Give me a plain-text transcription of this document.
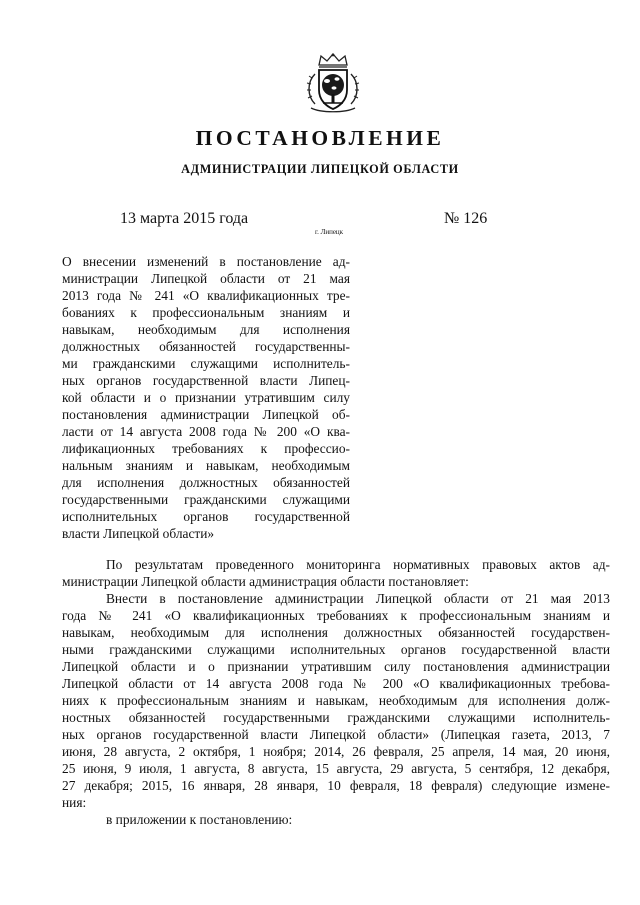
ПОСТАНОВЛЕНИЕ
АДМИНИСТРАЦИИ ЛИПЕЦКОЙ ОБЛАСТИ
13 марта 2015 года
г. Липецк
№ 126
О внесении изменений в постановление ад-
министрации Липецкой области от 21 мая
2013 года № 241 «О квалификационных тре-
бованиях к профессиональным знаниям и
навыкам, необходимым для исполнения
должностных обязанностей государственны-
ми гражданскими служащими исполнитель-
ных органов государственной власти Липец-
кой области и о признании утратившим силу
постановления администрации Липецкой об-
ласти от 14 августа 2008 года № 200 «О ква-
лификационных требованиях к профессио-
нальным знаниям и навыкам, необходимым
для исполнения должностных обязанностей
государственными гражданскими служащими
исполнительных органов государственной
власти Липецкой области»
По результатам проведенного мониторинга нормативных правовых актов ад-
министрации Липецкой области администрация области постановляет:
Внести в постановление администрации Липецкой области от 21 мая 2013
года № 241 «О квалификационных требованиях к профессиональным знаниям и
навыкам, необходимым для исполнения должностных обязанностей государствен-
ными гражданскими служащими исполнительных органов государственной власти
Липецкой области и о признании утратившим силу постановления администрации
Липецкой области от 14 августа 2008 года № 200 «О квалификационных требова-
ниях к профессиональным знаниям и навыкам, необходимым для исполнения долж-
ностных обязанностей государственными гражданскими служащими исполнитель-
ных органов государственной власти Липецкой области» (Липецкая газета, 2013, 7
июня, 28 августа, 2 октября, 1 ноября; 2014, 26 февраля, 25 апреля, 14 мая, 20 июня,
25 июня, 9 июля, 1 августа, 8 августа, 15 августа, 29 августа, 5 сентября, 12 декабря,
27 декабря; 2015, 16 января, 28 января, 10 февраля, 18 февраля) следующие измене-
ния:
в приложении к постановлению:
